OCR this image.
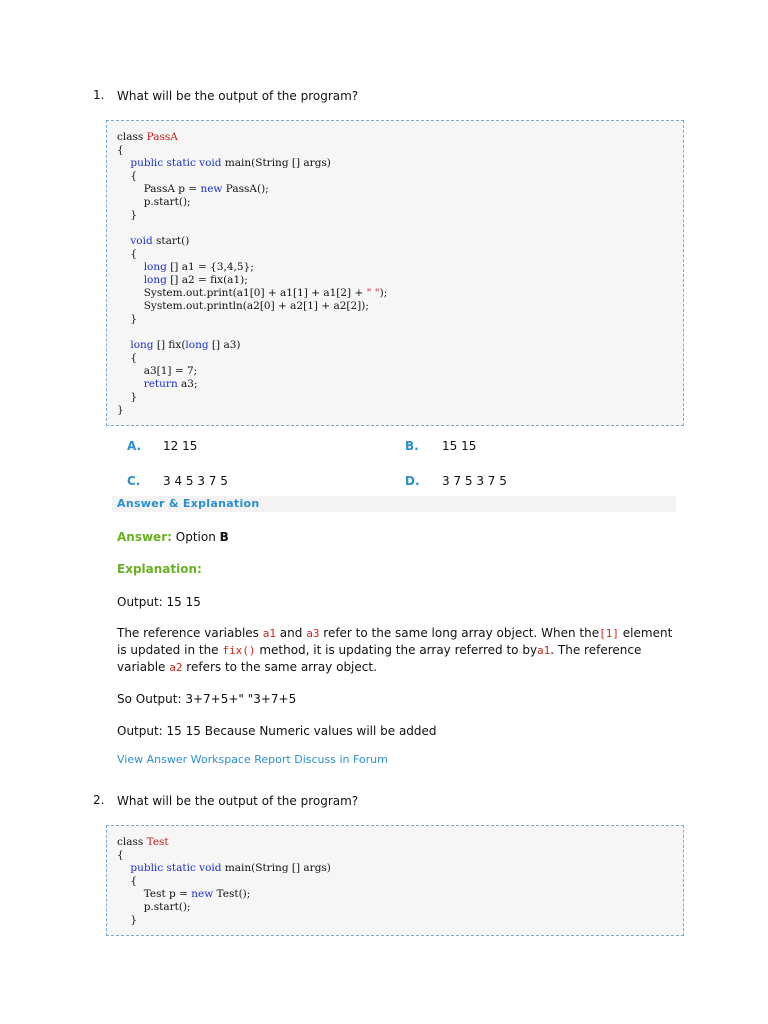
1. What will be the output of the program?
class PassA
{
public static void main(String [] args)
{
PassA p = new PassA();
p.start();
}
void start()
{
long [] a1 = {3,4,5};
long [] a2 = fix(a1);
System.out.print(a1[0] + a1[1] + a1[2] + " ");
System.out.println(a2[0] + a2[1] + a2[2]);
}
long [] fix(long [] a3)
{
a3[1] = 7;
return a3;
}
}
A. 12 15	B. 15 15
C. 3 4 5 3 7 5	D. 3 7 5 3 7 5
Answer & Explanation
Answer: Option B
Explanation:
Output: 15 15
The reference variables a1 and a3 refer to the same long array object. When the[1] element is updated in the fix() method, it is updating the array referred to bya1. The reference variable a2 refers to the same array object.
So Output: 3+7+5+" "3+7+5
Output: 15 15 Because Numeric values will be added
View Answer Workspace Report Discuss in Forum
2. What will be the output of the program?
class Test
{
public static void main(String [] args)
{
Test p = new Test();
p.start();
}
